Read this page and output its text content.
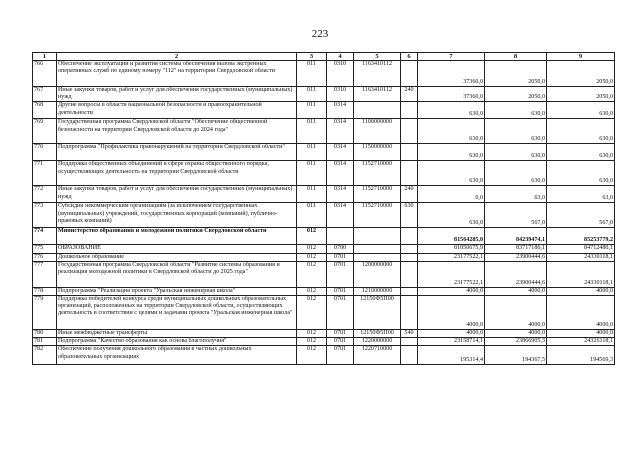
223
1	2	3	4	5	6	7	8	9
766	Обеспечение эксплуатации и развития системы обеспечения вызова экстренных оперативных служб по единому номеру "112" на территории Свердловской области	011	0310	1163410112		37360,0	2050,0	2050,0
767	Иные закупки товаров, работ и услуг для обеспечения государственных (муниципальных) нужд	011	0310	1163410112	240	37360,0	2050,0	2050,0
768	Другие вопросы в области национальной безопасности и правоохранительной деятельности	011	0314			630,0	630,0	630,0
769	Государственная программа Свердловской области "Обеспечение общественной безопасности на территории Свердловской области до 2024 года"	011	0314	1100000000		630,0	630,0	630,0
770	Подпрограмма "Профилактика правонарушений на территории Свердловской области"	011	0314	1150000000		630,0	630,0	630,0
771	Поддержка общественных объединений в сфере охраны общественного порядка, осуществляющих деятельность на территории Свердловской области	011	0314	1152710000		630,0	630,0	630,0
772	Иные закупки товаров, работ и услуг для обеспечения государственных (муниципальных) нужд	011	0314	1152710000	240	0,0	63,0	63,0
773	Субсидии некоммерческим организациям (за исключением государственных (муниципальных) учреждений, государственных корпораций (компаний), публично-правовых компаний)	011	0314	1152710000	630	630,0	567,0	567,0
774	Министерство образования и молодежной политики Свердловской области	012				81564285,0	84239474,1	85253779,2
775	ОБРАЗОВАНИЕ	012	0700			81050675,9	83717186,1	84712480,1
776	Дошкольное образование	012	0701			23177522,1	23900444,6	24330118,1
777	Государственная программа Свердловской области "Развитие системы образования и реализация молодежной политики в Свердловской области до 2025 года"	012	0701	1200000000		23177522,1	23900444,6	24330118,1
778	Подпрограмма "Реализация проекта "Уральская инженерная школа"	012	0701	1210000000		4000,0	4000,0	4000,0
779	Поддержка победителей конкурса среди муниципальных дошкольных образовательных организаций, расположенных на территории Свердловской области, осуществляющих деятельность в соответствии с целями и задачами проекта "Уральская инженерная школа"	012	0701	12150Ф5П00		4000,0	4000,0	4000,0
780	Иные межбюджетные трансферты	012	0701	12150Ф5П00	540	4000,0	4000,0	4000,0
781	Подпрограмма "Качество образования как основа благополучия"	012	0701	1220000000		23158714,1	23866905,3	24326118,1
782	Обеспечение получения дошкольного образования в частных дошкольных образовательных организациях	012	0701	1220710000		195314,4	194367,5	194569,3
